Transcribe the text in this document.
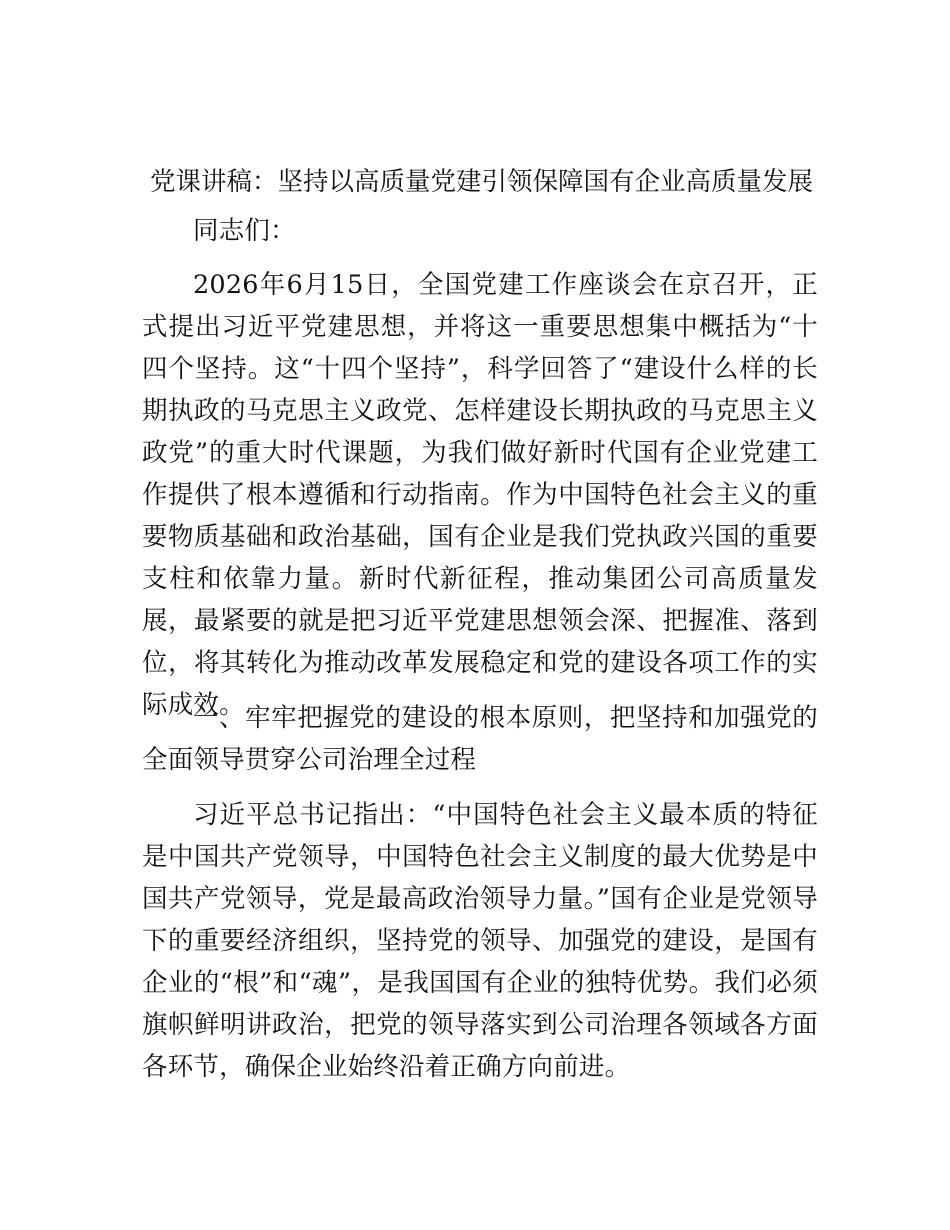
党课讲稿：坚持以高质量党建引领保障国有企业高质量发展

同志们：

2026年6月15日，全国党建工作座谈会在京召开，正式提出习近平党建思想，并将这一重要思想集中概括为“十四个坚持。这“十四个坚持”，科学回答了“建设什么样的长期执政的马克思主义政党、怎样建设长期执政的马克思主义政党”的重大时代课题，为我们做好新时代国有企业党建工作提供了根本遵循和行动指南。作为中国特色社会主义的重要物质基础和政治基础，国有企业是我们党执政兴国的重要支柱和依靠力量。新时代新征程，推动集团公司高质量发展，最紧要的就是把习近平党建思想领会深、把握准、落到位，将其转化为推动改革发展稳定和党的建设各项工作的实际成效。

一、牢牢把握党的建设的根本原则，把坚持和加强党的全面领导贯穿公司治理全过程

习近平总书记指出：“中国特色社会主义最本质的特征是中国共产党领导，中国特色社会主义制度的最大优势是中国共产党领导，党是最高政治领导力量。”国有企业是党领导下的重要经济组织，坚持党的领导、加强党的建设，是国有企业的“根”和“魂”，是我国国有企业的独特优势。我们必须旗帜鲜明讲政治，把党的领导落实到公司治理各领域各方面各环节，确保企业始终沿着正确方向前进。
